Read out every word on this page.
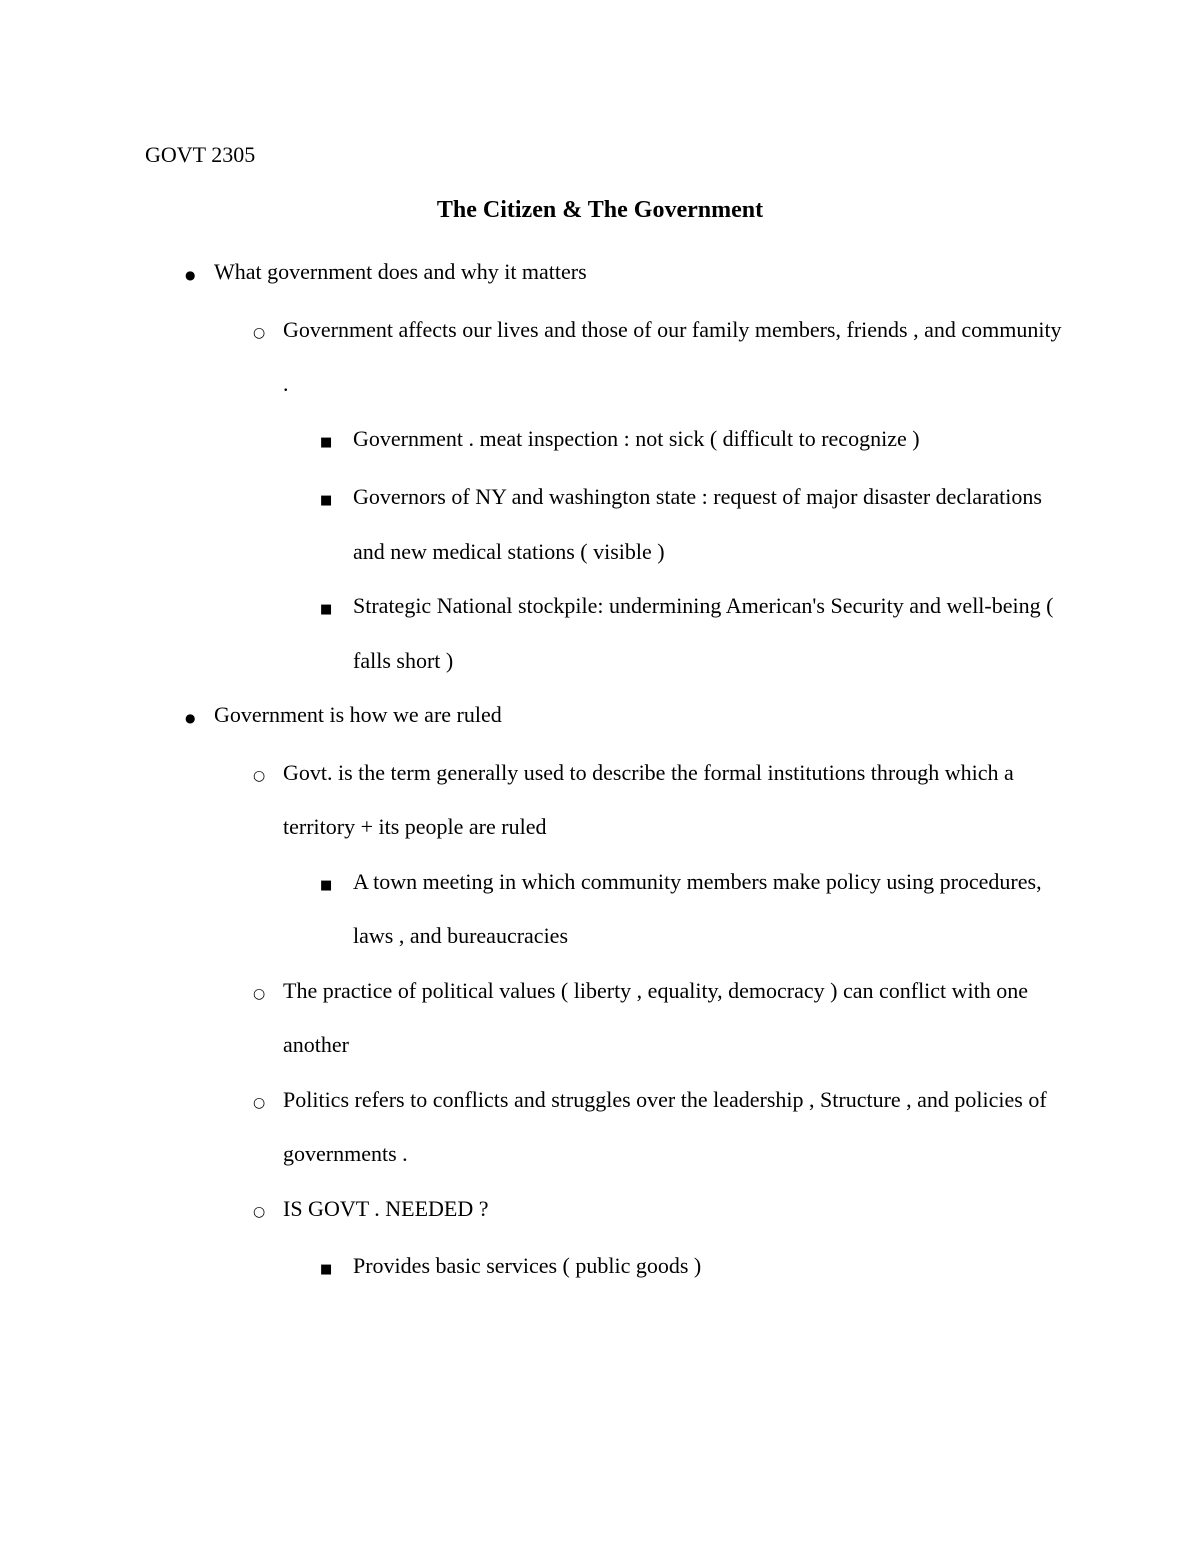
GOVT 2305
The Citizen & The Government
● What government does and why it matters
○ Government affects our lives and those of our family members, friends , and community .
■ Government . meat inspection : not sick ( difficult to recognize )
■ Governors of NY and washington state : request of major disaster declarations and new medical stations ( visible )
■ Strategic National stockpile: undermining American's Security and well-being ( falls short )
● Government is how we are ruled
○ Govt. is the term generally used to describe the formal institutions through which a territory + its people are ruled
■ A town meeting in which community members make policy using procedures, laws , and bureaucracies
○ The practice of political values ( liberty , equality, democracy ) can conflict with one another
○ Politics refers to conflicts and struggles over the leadership , Structure , and policies of governments .
○ IS GOVT . NEEDED ?
■ Provides basic services ( public goods )
